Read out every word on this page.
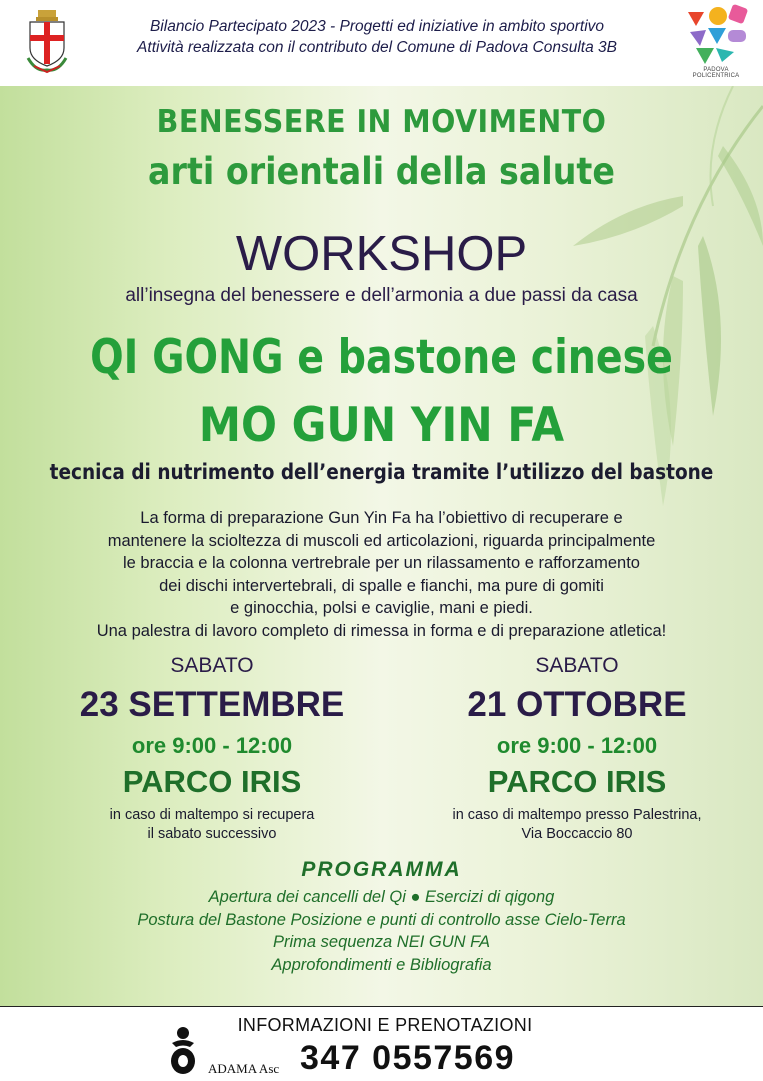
Bilancio Partecipato 2023 - Progetti ed iniziative in ambito sportivo
Attività realizzata con il contributo del Comune di Padova Consulta 3B
PADOVA POLICENTRICA
BENESSERE IN MOVIMENTO
arti orientali della salute
WORKSHOP
all’insegna del benessere e dell’armonia a due passi da casa
QI GONG e bastone cinese
MO GUN YIN FA
tecnica di nutrimento dell’energia tramite l’utilizzo del bastone
La forma di preparazione Gun Yin Fa ha l’obiettivo di recuperare e
mantenere la scioltezza di muscoli ed articolazioni, riguarda principalmente
le braccia e la colonna vertrebrale per un rilassamento e rafforzamento
dei dischi intervertebrali, di spalle e fianchi, ma pure di gomiti
e ginocchia, polsi e caviglie, mani e piedi.
Una palestra di lavoro completo di rimessa in forma e di preparazione atletica!
SABATO
23 SETTEMBRE
ore 9:00 - 12:00
PARCO IRIS
in caso di maltempo si recupera
il sabato successivo
SABATO
21 OTTOBRE
ore 9:00 - 12:00
PARCO IRIS
in caso di maltempo presso Palestrina,
Via Boccaccio 80
PROGRAMMA
Apertura dei cancelli del Qi ● Esercizi di qigong
Postura del Bastone Posizione e punti di controllo asse Cielo-Terra
Prima sequenza NEI GUN FA
Approfondimenti e Bibliografia
ADAMA Asc
INFORMAZIONI E PRENOTAZIONI
347 0557569
